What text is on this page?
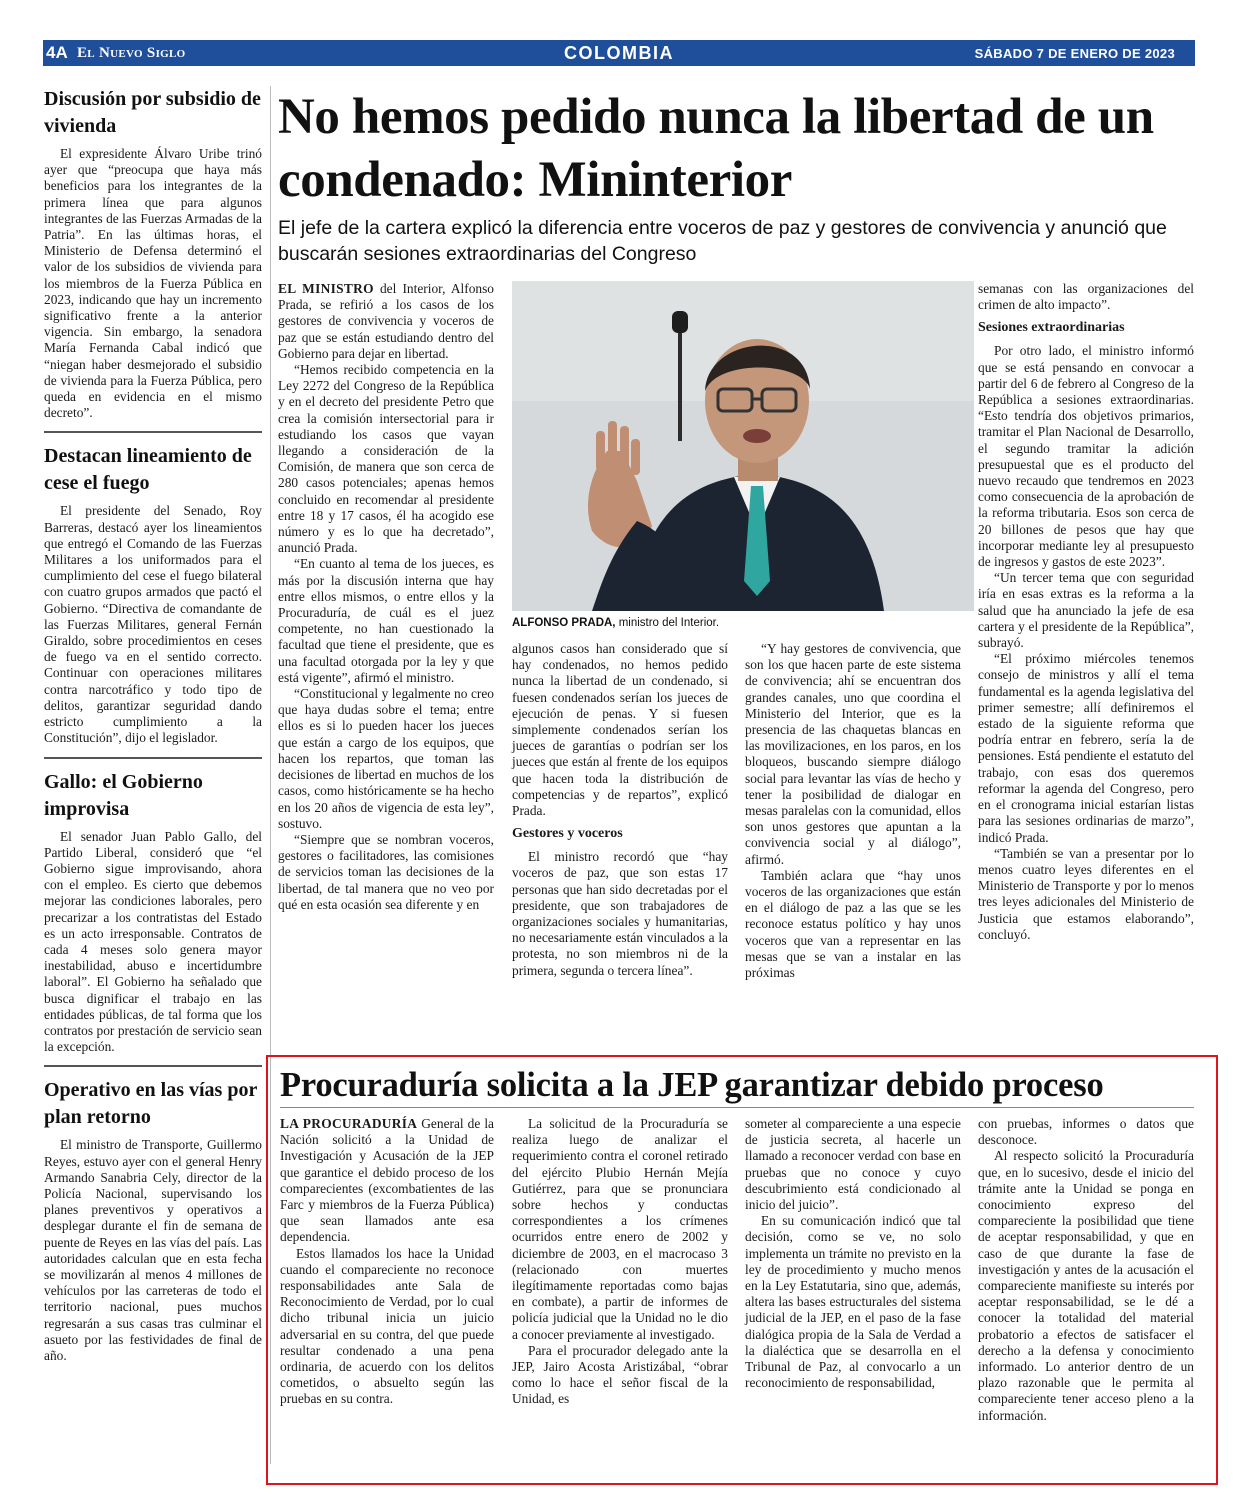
4A El Nuevo Siglo	COLOMBIA	SÁBADO 7 DE ENERO DE 2023
Discusión por subsidio de vivienda

El expresidente Álvaro Uribe trinó ayer que “preocupa que haya más beneficios para los integrantes de la primera línea que para algunos integrantes de las Fuerzas Armadas de la Patria”. En las últimas horas, el Ministerio de Defensa determinó el valor de los subsidios de vivienda para los miembros de la Fuerza Pública en 2023, indicando que hay un incremento significativo frente a la anterior vigencia. Sin embargo, la senadora María Fernanda Cabal indicó que “niegan haber desmejorado el subsidio de vivienda para la Fuerza Pública, pero queda en evidencia en el mismo decreto”.

Destacan lineamiento de cese el fuego

El presidente del Senado, Roy Barreras, destacó ayer los lineamientos que entregó el Comando de las Fuerzas Militares a los uniformados para el cumplimiento del cese el fuego bilateral con cuatro grupos armados que pactó el Gobierno. “Directiva de comandante de las Fuerzas Militares, general Fernán Giraldo, sobre procedimientos en ceses de fuego va en el sentido correcto. Continuar con operaciones militares contra narcotráfico y todo tipo de delitos, garantizar seguridad dando estricto cumplimiento a la Constitución”, dijo el legislador.

Gallo: el Gobierno improvisa

El senador Juan Pablo Gallo, del Partido Liberal, consideró que “el Gobierno sigue improvisando, ahora con el empleo. Es cierto que debemos mejorar las condiciones laborales, pero precarizar a los contratistas del Estado es un acto irresponsable. Contratos de cada 4 meses solo genera mayor inestabilidad, abuso e incertidumbre laboral”. El Gobierno ha señalado que busca dignificar el trabajo en las entidades públicas, de tal forma que los contratos por prestación de servicio sean la excepción.

Operativo en las vías por plan retorno

El ministro de Transporte, Guillermo Reyes, estuvo ayer con el general Henry Armando Sanabria Cely, director de la Policía Nacional, supervisando los planes preventivos y operativos a desplegar durante el fin de semana de puente de Reyes en las vías del país. Las autoridades calculan que en esta fecha se movilizarán al menos 4 millones de vehículos por las carreteras de todo el territorio nacional, pues muchos regresarán a sus casas tras culminar el asueto por las festividades de final de año.

No hemos pedido nunca la libertad de un condenado: Mininterior
El jefe de la cartera explicó la diferencia entre voceros de paz y gestores de convivencia y anunció que buscarán sesiones extraordinarias del Congreso

EL MINISTRO del Interior, Alfonso Prada, se refirió a los casos de los gestores de convivencia y voceros de paz que se están estudiando dentro del Gobierno para dejar en libertad.

“Hemos recibido competencia en la Ley 2272 del Congreso de la República y en el decreto del presidente Petro que crea la comisión intersectorial para ir estudiando los casos que vayan llegando a consideración de la Comisión, de manera que son cerca de 280 casos potenciales; apenas hemos concluido en recomendar al presidente entre 18 y 17 casos, él ha acogido ese número y es lo que ha decretado”, anunció Prada.

“En cuanto al tema de los jueces, es más por la discusión interna que hay entre ellos mismos, o entre ellos y la Procuraduría, de cuál es el juez competente, no han cuestionado la facultad que tiene el presidente, que es una facultad otorgada por la ley y que está vigente”, afirmó el ministro.

“Constitucional y legalmente no creo que haya dudas sobre el tema; entre ellos es si lo pueden hacer los jueces que están a cargo de los equipos, que hacen los repartos, que toman las decisiones de libertad en muchos de los casos, como históricamente se ha hecho en los 20 años de vigencia de esta ley”, sostuvo.

“Siempre que se nombran voceros, gestores o facilitadores, las comisiones de servicios toman las decisiones de la libertad, de tal manera que no veo por qué en esta ocasión sea diferente y en

ALFONSO PRADA, ministro del Interior.

algunos casos han considerado que sí hay condenados, no hemos pedido nunca la libertad de un condenado, si fuesen condenados serían los jueces de ejecución de penas. Y si fuesen simplemente condenados serían los jueces de garantías o podrían ser los jueces que están al frente de los equipos que hacen toda la distribución de competencias y de repartos”, explicó Prada.

Gestores y voceros

El ministro recordó que “hay voceros de paz, que son estas 17 personas que han sido decretadas por el presidente, que son trabajadores de organizaciones sociales y humanitarias, no necesariamente están vinculados a la protesta, no son miembros ni de la primera, segunda o tercera línea”.

“Y hay gestores de convivencia, que son los que hacen parte de este sistema de convivencia; ahí se encuentran dos grandes canales, uno que coordina el Ministerio del Interior, que es la presencia de las chaquetas blancas en las movilizaciones, en los paros, en los bloqueos, buscando siempre diálogo social para levantar las vías de hecho y tener la posibilidad de dialogar en mesas paralelas con la comunidad, ellos son unos gestores que apuntan a la convivencia social y al diálogo”, afirmó.

También aclara que “hay unos voceros de las organizaciones que están en el diálogo de paz a las que se les reconoce estatus político y hay unos voceros que van a representar en las mesas que se van a instalar en las próximas

semanas con las organizaciones del crimen de alto impacto”.

Sesiones extraordinarias

Por otro lado, el ministro informó que se está pensando en convocar a partir del 6 de febrero al Congreso de la República a sesiones extraordinarias. “Esto tendría dos objetivos primarios, tramitar el Plan Nacional de Desarrollo, el segundo tramitar la adición presupuestal que es el producto del nuevo recaudo que tendremos en 2023 como consecuencia de la aprobación de la reforma tributaria. Esos son cerca de 20 billones de pesos que hay que incorporar mediante ley al presupuesto de ingresos y gastos de este 2023”.

“Un tercer tema que con seguridad iría en esas extras es la reforma a la salud que ha anunciado la jefe de esa cartera y el presidente de la República”, subrayó.

“El próximo miércoles tenemos consejo de ministros y allí el tema fundamental es la agenda legislativa del primer semestre; allí definiremos el estado de la siguiente reforma que podría entrar en febrero, sería la de pensiones. Está pendiente el estatuto del trabajo, con esas dos queremos reformar la agenda del Congreso, pero en el cronograma inicial estarían listas para las sesiones ordinarias de marzo”, indicó Prada.

“También se van a presentar por lo menos cuatro leyes diferentes en el Ministerio de Transporte y por lo menos tres leyes adicionales del Ministerio de Justicia que estamos elaborando”, concluyó.

Procuraduría solicita a la JEP garantizar debido proceso

LA PROCURADURÍA General de la Nación solicitó a la Unidad de Investigación y Acusación de la JEP que garantice el debido proceso de los comparecientes (excombatientes de las Farc y miembros de la Fuerza Pública) que sean llamados ante esa dependencia.

Estos llamados los hace la Unidad cuando el compareciente no reconoce responsabilidades ante Sala de Reconocimiento de Verdad, por lo cual dicho tribunal inicia un juicio adversarial en su contra, del que puede resultar condenado a una pena ordinaria, de acuerdo con los delitos cometidos, o absuelto según las pruebas en su contra.

La solicitud de la Procuraduría se realiza luego de analizar el requerimiento contra el coronel retirado del ejército Plubio Hernán Mejía Gutiérrez, para que se pronunciara sobre hechos y conductas correspondientes a los crímenes ocurridos entre enero de 2002 y diciembre de 2003, en el macrocaso 3 (relacionado con muertes ilegítimamente reportadas como bajas en combate), a partir de informes de policía judicial que la Unidad no le dio a conocer previamente al investigado.

Para el procurador delegado ante la JEP, Jairo Acosta Aristizábal, “obrar como lo hace el señor fiscal de la Unidad, es

someter al compareciente a una especie de justicia secreta, al hacerle un llamado a reconocer verdad con base en pruebas que no conoce y cuyo descubrimiento está condicionado al inicio del juicio”.

En su comunicación indicó que tal decisión, como se ve, no solo implementa un trámite no previsto en la ley de procedimiento y mucho menos en la Ley Estatutaria, sino que, además, altera las bases estructurales del sistema judicial de la JEP, en el paso de la fase dialógica propia de la Sala de Verdad a la dialéctica que se desarrolla en el Tribunal de Paz, al convocarlo a un reconocimiento de responsabilidad,

con pruebas, informes o datos que desconoce.

Al respecto solicitó la Procuraduría que, en lo sucesivo, desde el inicio del trámite ante la Unidad se ponga en conocimiento expreso del compareciente la posibilidad que tiene de aceptar responsabilidad, y que en caso de que durante la fase de investigación y antes de la acusación el compareciente manifieste su interés por aceptar responsabilidad, se le dé a conocer la totalidad del material probatorio a efectos de satisfacer el derecho a la defensa y conocimiento informado. Lo anterior dentro de un plazo razonable que le permita al compareciente tener acceso pleno a la información.
